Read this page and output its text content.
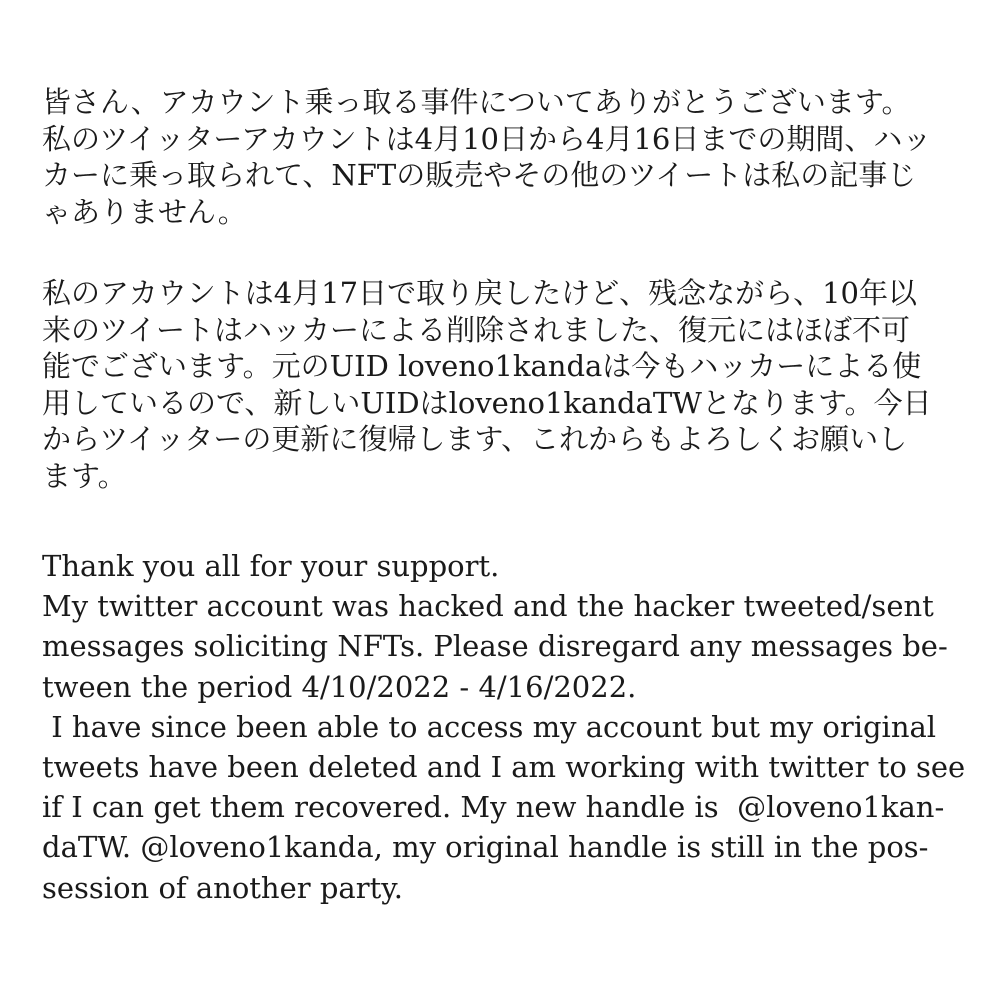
皆さん、アカウント乗っ取る事件についてありがとうございます。
私のツイッターアカウントは4月10日から4月16日までの期間、ハッ
カーに乗っ取られて、NFTの販売やその他のツイートは私の記事じ
ゃありません。
私のアカウントは4月17日で取り戻したけど、残念ながら、10年以
来のツイートはハッカーによる削除されました、復元にはほぼ不可
能でございます。元のUID loveno1kandaは今もハッカーによる使
用しているので、新しいUIDはloveno1kandaTWとなります。今日
からツイッターの更新に復帰します、これからもよろしくお願いし
ます。
Thank you all for your support.
My twitter account was hacked and the hacker tweeted/sent
messages soliciting NFTs. Please disregard any messages be-
tween the period 4/10/2022 - 4/16/2022.
I have since been able to access my account but my original
tweets have been deleted and I am working with twitter to see
if I can get them recovered. My new handle is  @loveno1kan-
daTW. @loveno1kanda, my original handle is still in the pos-
session of another party.
